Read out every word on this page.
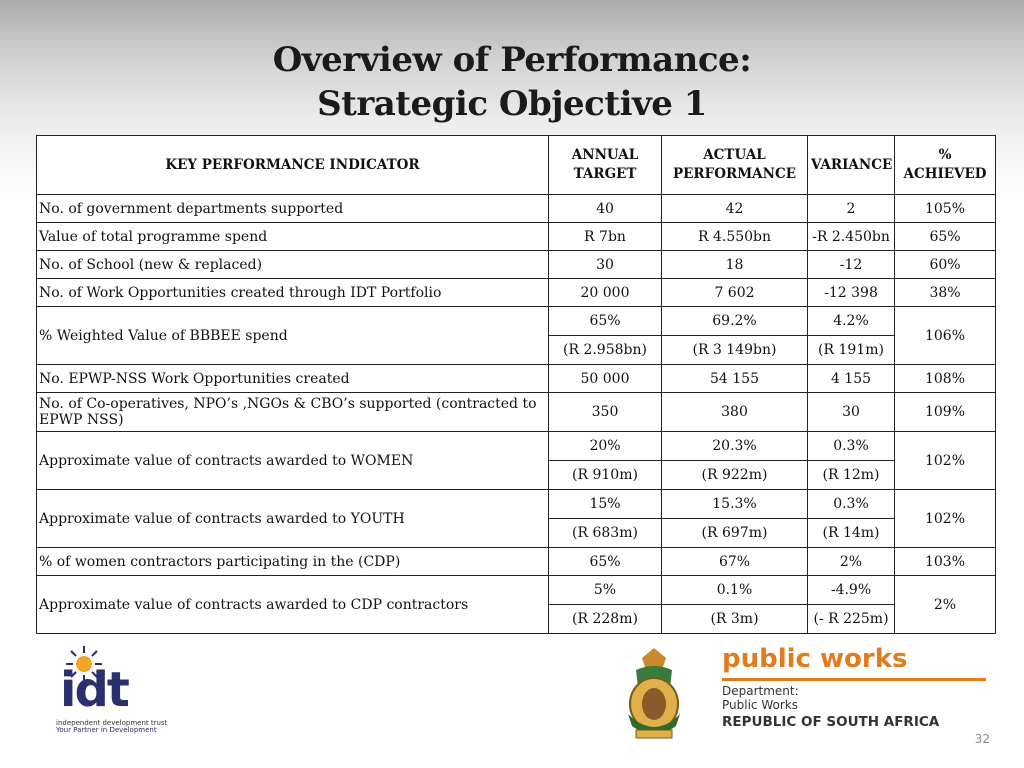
Overview of Performance:
Strategic Objective 1
KEY PERFORMANCE INDICATOR	ANNUAL TARGET	ACTUAL PERFORMANCE	VARIANCE	% ACHIEVED
No. of government departments supported	40	42	2	105%
Value of total programme spend	R 7bn	R 4.550bn	-R 2.450bn	65%
No. of School (new & replaced)	30	18	-12	60%
No. of Work Opportunities created through IDT Portfolio	20 000	7 602	-12 398	38%
% Weighted Value of BBBEE spend	65%	69.2%	4.2%	106%
	(R 2.958bn)	(R 3 149bn)	(R 191m)	
No. EPWP-NSS Work Opportunities created	50 000	54 155	4 155	108%
No. of Co-operatives, NPO’s ,NGOs & CBO’s supported (contracted to EPWP NSS)	350	380	30	109%
Approximate value of contracts awarded to WOMEN	20%	20.3%	0.3%	102%
	(R 910m)	(R 922m)	(R 12m)	
Approximate value of contracts awarded to YOUTH	15%	15.3%	0.3%	102%
	(R 683m)	(R 697m)	(R 14m)	
% of women contractors participating in the (CDP)	65%	67%	2%	103%
Approximate value of contracts awarded to CDP contractors	5%	0.1%	-4.9%	2%
	(R 228m)	(R 3m)	(- R 225m)	
idt
independent development trust
Your Partner in Development
public works
Department:
Public Works
REPUBLIC OF SOUTH AFRICA
32
